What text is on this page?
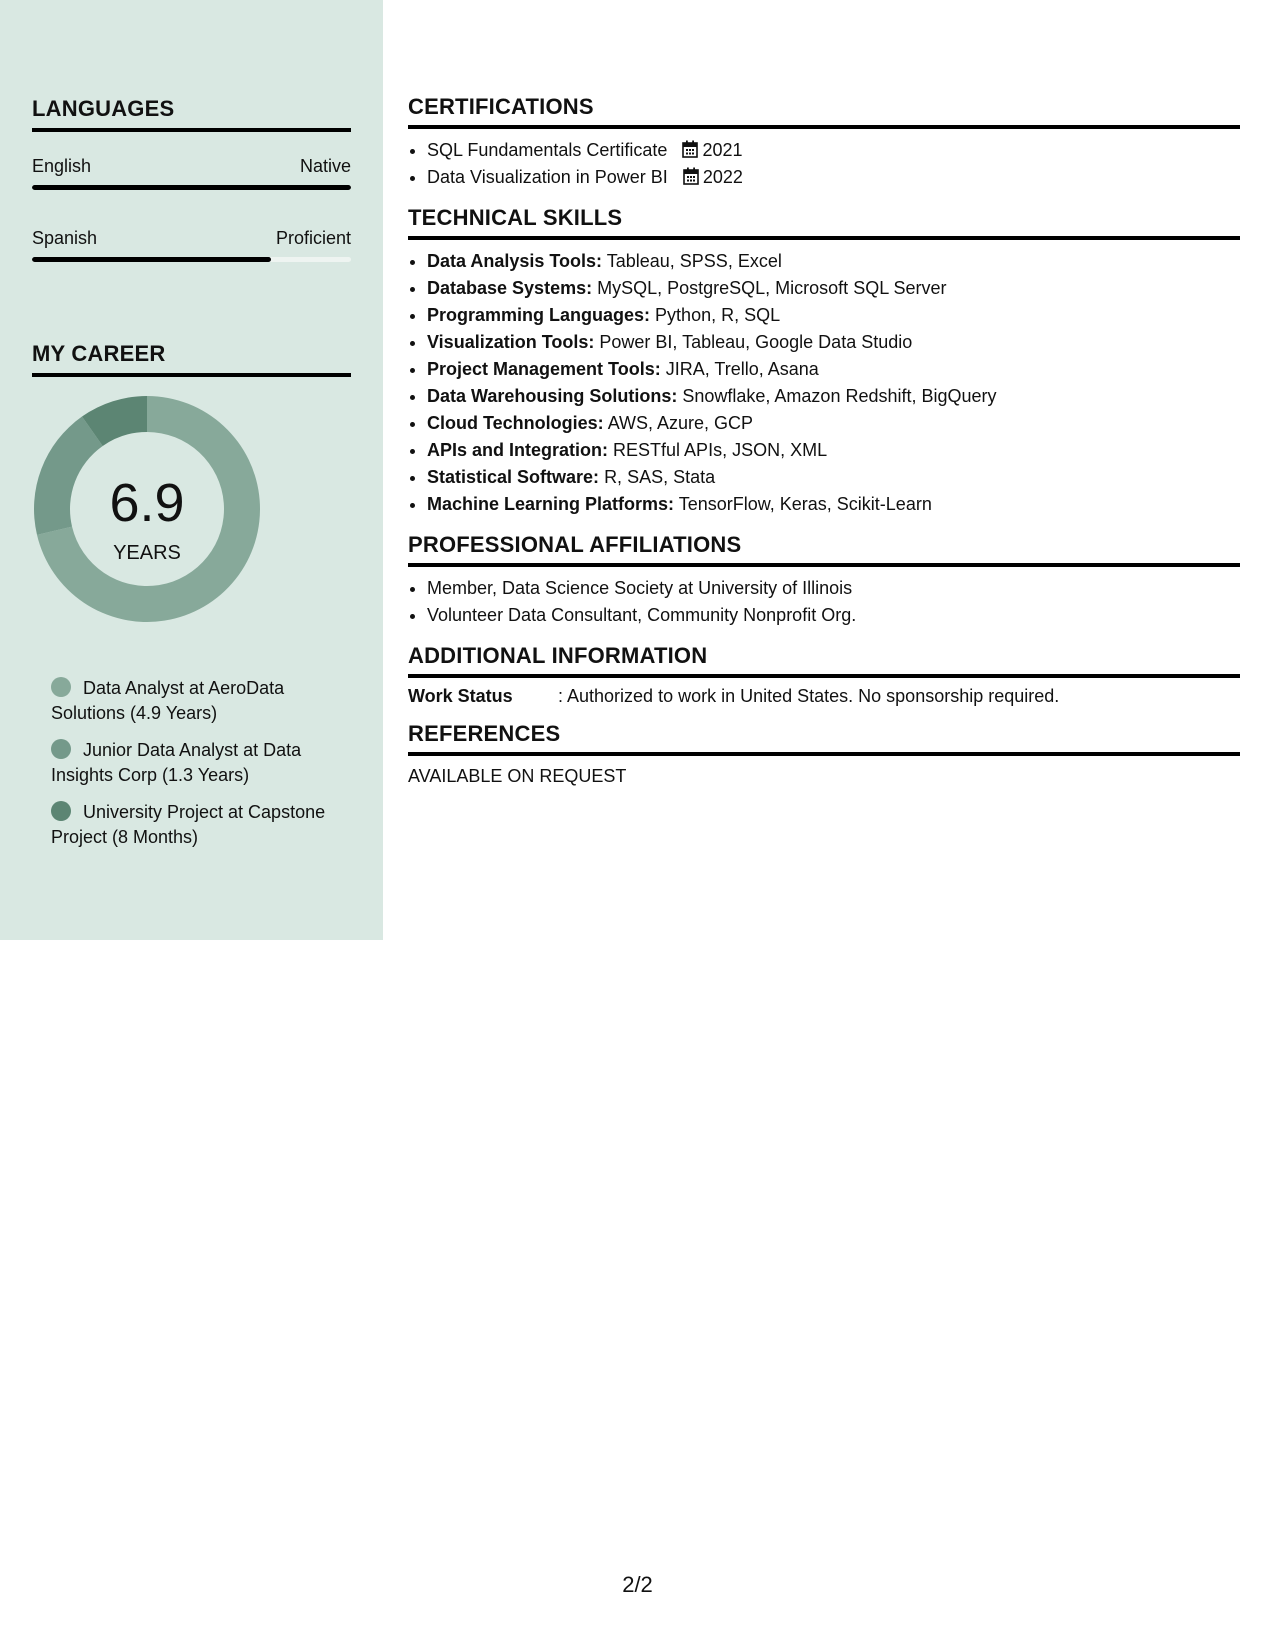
LANGUAGES
English	Native
Spanish	Proficient
MY CAREER
6.9
YEARS
Data Analyst at AeroData Solutions (4.9 Years)
Junior Data Analyst at Data Insights Corp (1.3 Years)
University Project at Capstone Project (8 Months)
CERTIFICATIONS
• SQL Fundamentals Certificate 2021
• Data Visualization in Power BI 2022
TECHNICAL SKILLS
• Data Analysis Tools: Tableau, SPSS, Excel
• Database Systems: MySQL, PostgreSQL, Microsoft SQL Server
• Programming Languages: Python, R, SQL
• Visualization Tools: Power BI, Tableau, Google Data Studio
• Project Management Tools: JIRA, Trello, Asana
• Data Warehousing Solutions: Snowflake, Amazon Redshift, BigQuery
• Cloud Technologies: AWS, Azure, GCP
• APIs and Integration: RESTful APIs, JSON, XML
• Statistical Software: R, SAS, Stata
• Machine Learning Platforms: TensorFlow, Keras, Scikit-Learn
PROFESSIONAL AFFILIATIONS
• Member, Data Science Society at University of Illinois
• Volunteer Data Consultant, Community Nonprofit Org.
ADDITIONAL INFORMATION
Work Status	: Authorized to work in United States. No sponsorship required.
REFERENCES
AVAILABLE ON REQUEST
2/2
